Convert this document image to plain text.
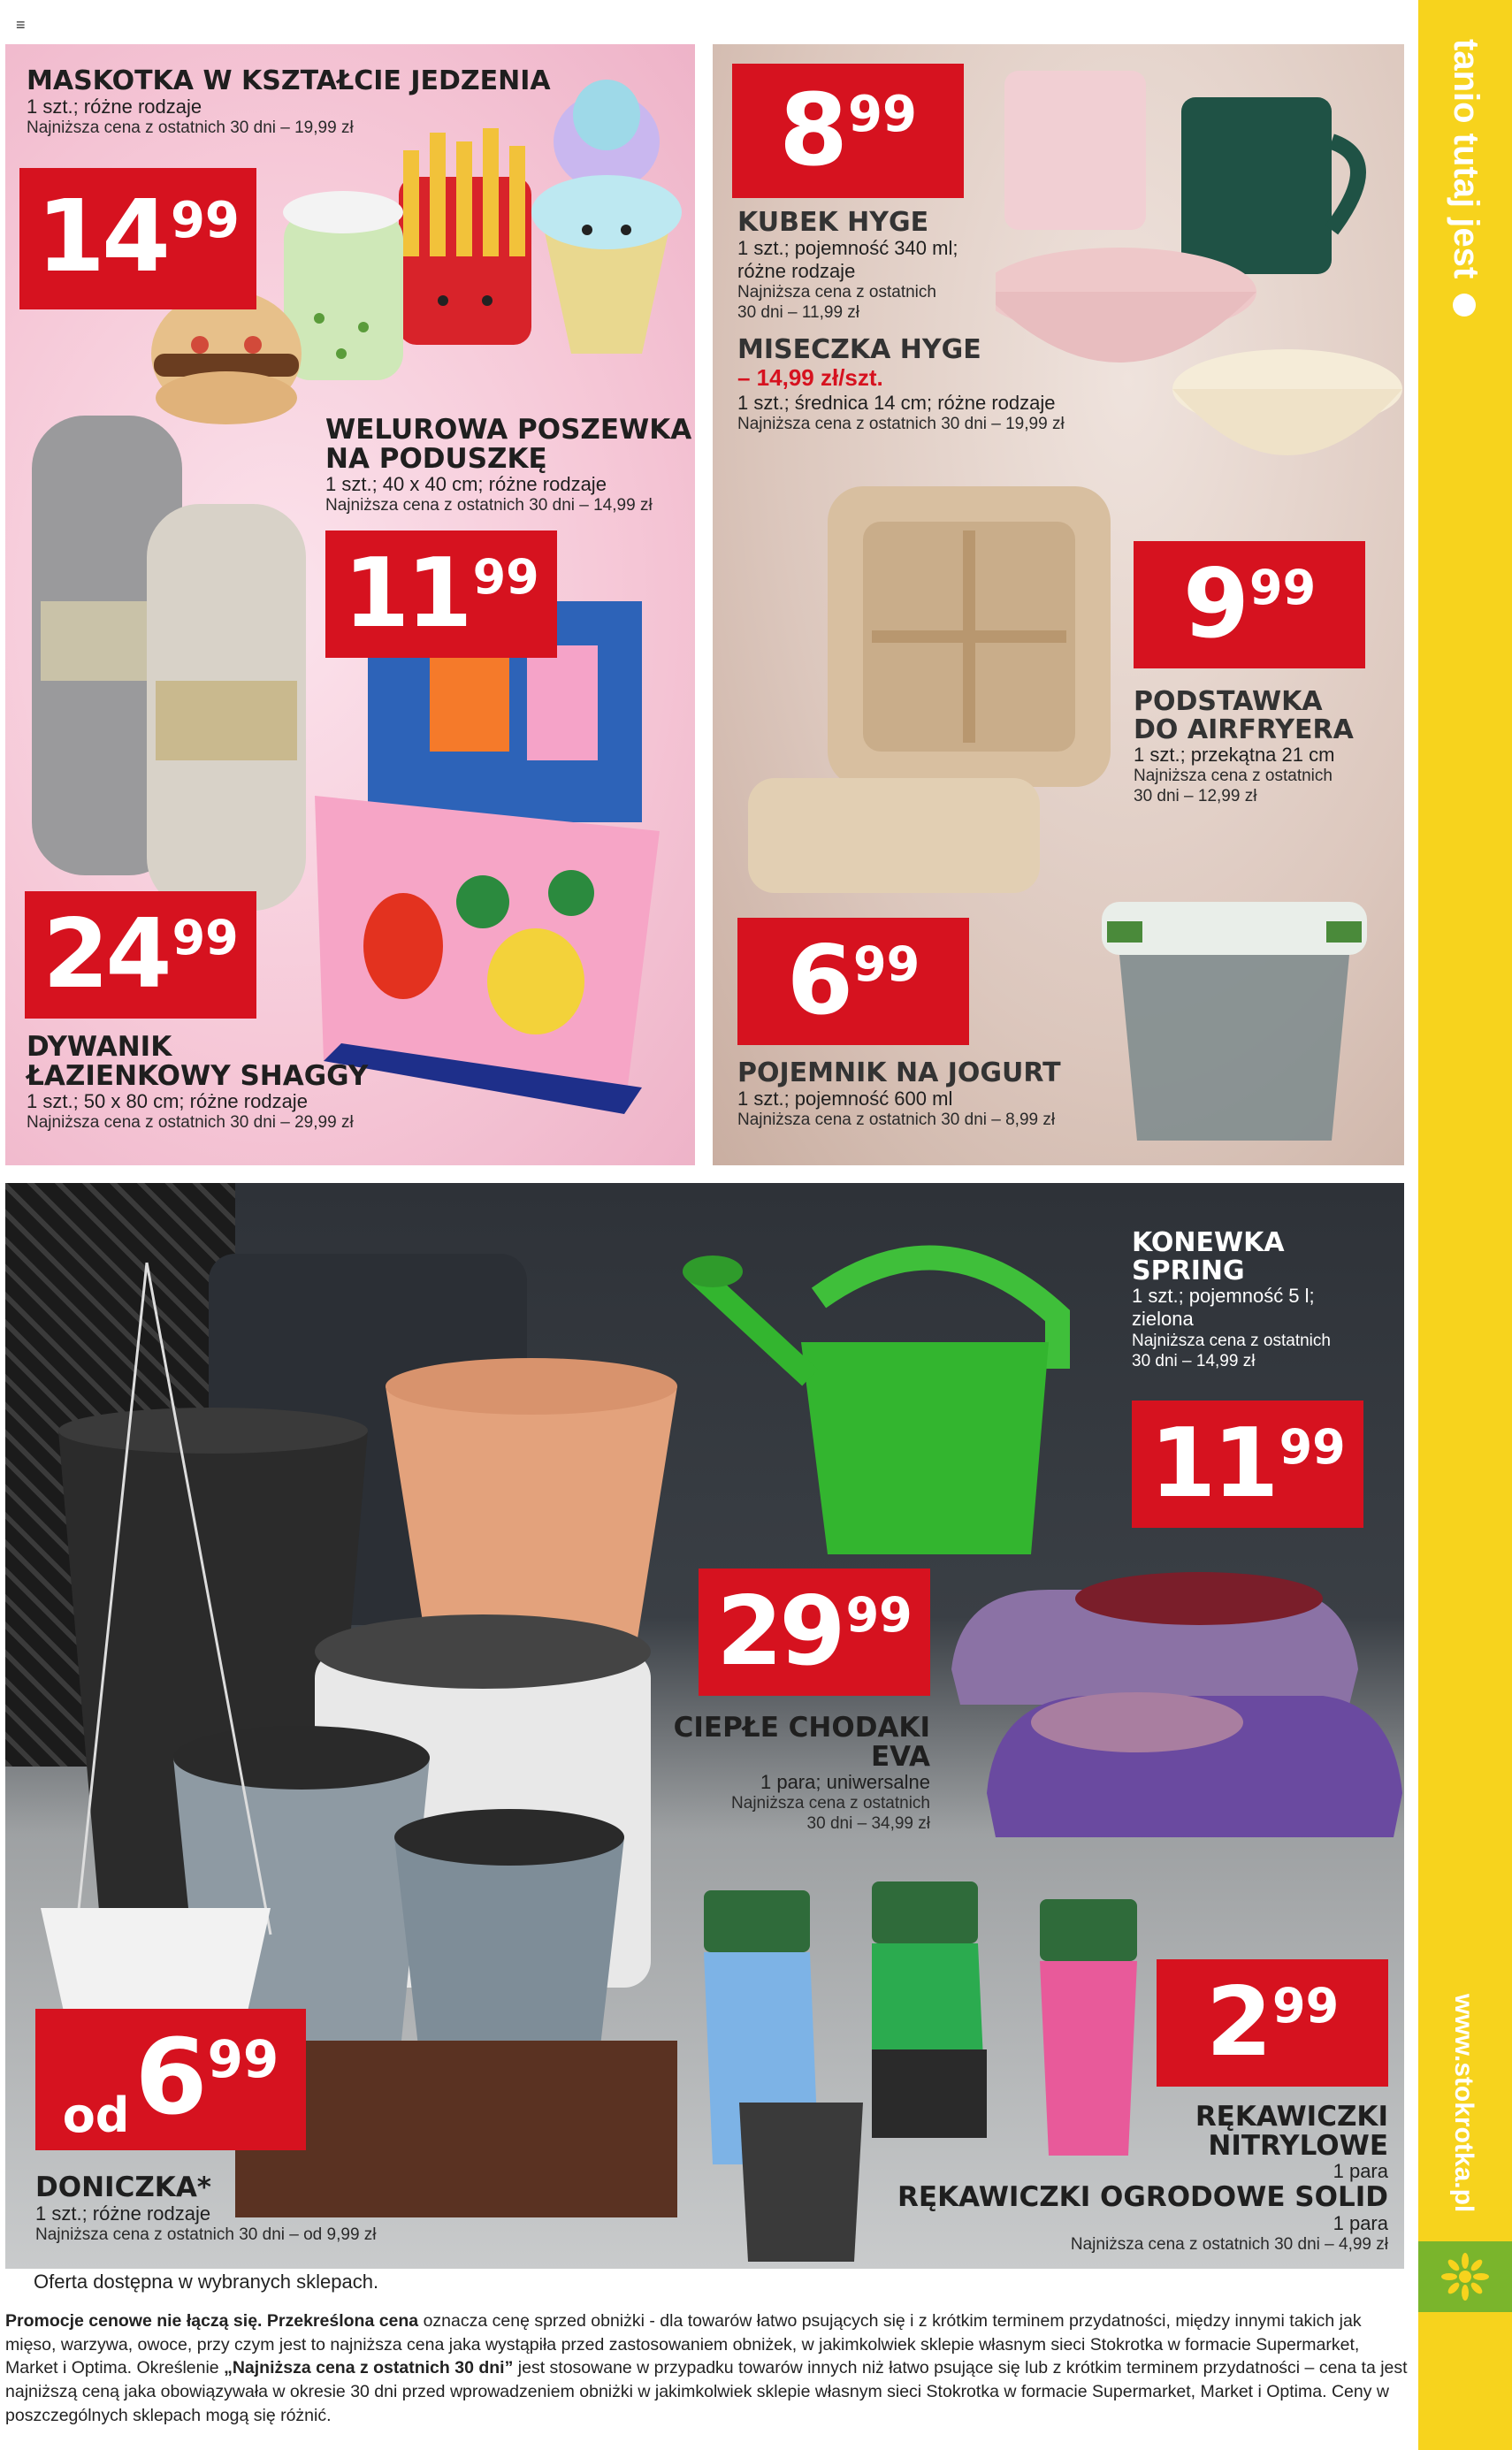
≡
tanio tutaj jest
www.stokrotka.pl
MASKOTKA W KSZTAŁCIE JEDZENIA
1 szt.; różne rodzaje
Najniższa cena z ostatnich 30 dni – 19,99 zł
14 99
WELUROWA POSZEWKA
NA PODUSZKĘ
1 szt.; 40 x 40 cm; różne rodzaje
Najniższa cena z ostatnich 30 dni – 14,99 zł
11 99
24 99
DYWANIK
ŁAZIENKOWY SHAGGY
1 szt.; 50 x 80 cm; różne rodzaje
Najniższa cena z ostatnich 30 dni – 29,99 zł
8 99
KUBEK HYGE
1 szt.; pojemność 340 ml;
różne rodzaje
Najniższa cena z ostatnich
30 dni – 11,99 zł
MISECZKA HYGE
– 14,99 zł/szt.
1 szt.; średnica 14 cm; różne rodzaje
Najniższa cena z ostatnich 30 dni – 19,99 zł
9 99
PODSTAWKA
DO AIRFRYERA
1 szt.; przekątna 21 cm
Najniższa cena z ostatnich
30 dni – 12,99 zł
6 99
POJEMNIK NA JOGURT
1 szt.; pojemność 600 ml
Najniższa cena z ostatnich 30 dni – 8,99 zł
KONEWKA
SPRING
1 szt.; pojemność 5 l;
zielona
Najniższa cena z ostatnich
30 dni – 14,99 zł
11 99
29 99
CIEPŁE CHODAKI
EVA
1 para; uniwersalne
Najniższa cena z ostatnich
30 dni – 34,99 zł
od 6 99
DONICZKA*
1 szt.; różne rodzaje
Najniższa cena z ostatnich 30 dni – od 9,99 zł
2 99
RĘKAWICZKI
NITRYLOWE
1 para
RĘKAWICZKI OGRODOWE SOLID
1 para
Najniższa cena z ostatnich 30 dni – 4,99 zł
Oferta dostępna w wybranych sklepach.
Promocje cenowe nie łączą się. Przekreślona cena oznacza cenę sprzed obniżki - dla towarów łatwo psujących się i z krótkim terminem przydatności, między innymi takich jak mięso, warzywa, owoce, przy czym jest to najniższa cena jaka wystąpiła przed zastosowaniem obniżek, w jakimkolwiek sklepie własnym sieci Stokrotka w formacie Supermarket, Market i Optima. Określenie „Najniższa cena z ostatnich 30 dni” jest stosowane w przypadku towarów innych niż łatwo psujące się lub z krótkim terminem przydatności – cena ta jest najniższą ceną jaka obowiązywała w okresie 30 dni przed wprowadzeniem obniżki w jakimkolwiek sklepie własnym sieci Stokrotka w formacie Supermarket, Market i Optima. Ceny w poszczególnych sklepach mogą się różnić.
